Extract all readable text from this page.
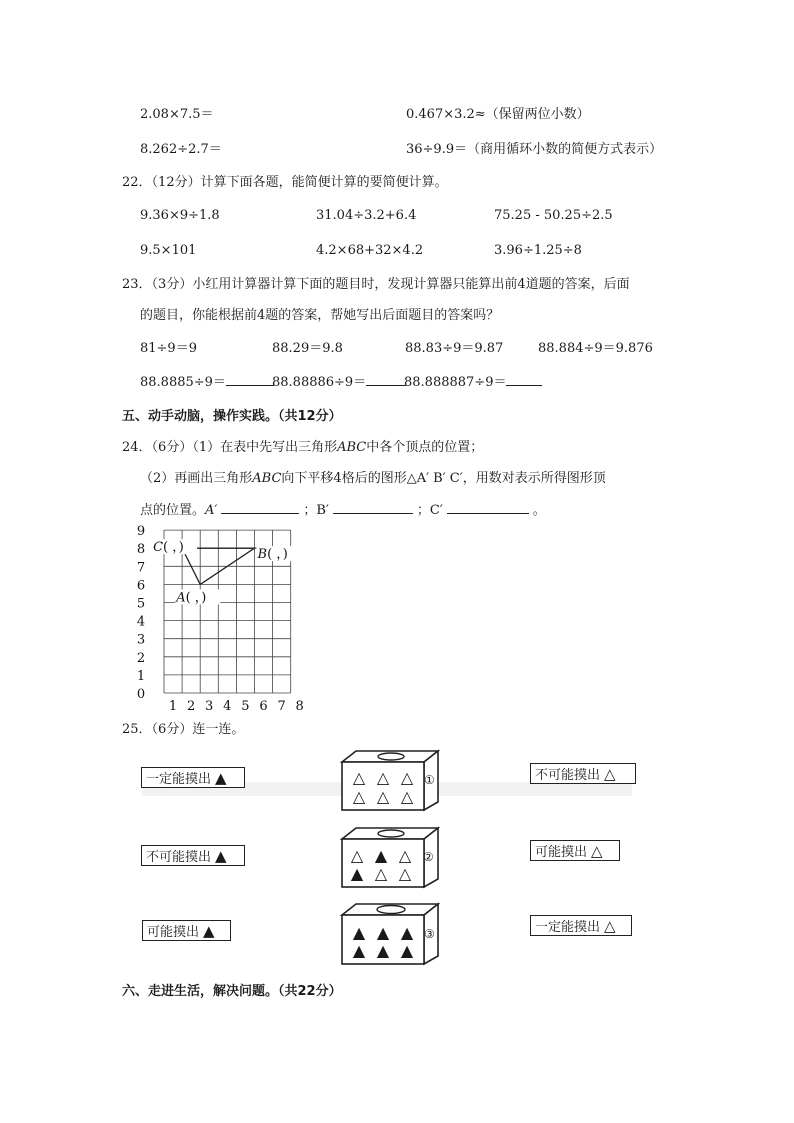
2.08×7.5＝	0.467×3.2≈（保留两位小数）
8.262÷2.7＝	36÷9.9＝（商用循环小数的简便方式表示）
22．（12分）计算下面各题，能简便计算的要简便计算。
9.36×9÷1.8	31.04÷3.2+6.4	75.25 - 50.25÷2.5
9.5×101	4.2×68+32×4.2	3.96÷1.25÷8
23．（3分）小红用计算器计算下面的题目时，发现计算器只能算出前4道题的答案，后面
的题目，你能根据前4题的答案，帮她写出后面题目的答案吗？
81÷9＝9	88.29＝9.8	88.83÷9＝9.87	88.884÷9＝9.876
88.8885÷9＝	88.88886÷9＝	88.888887÷9＝
五、动手动脑，操作实践。（共12分）
24．（6分）（1）在表中先写出三角形ABC中各个顶点的位置；
（2）再画出三角形ABC向下平移4格后的图形△A′ B′ C′，用数对表示所得图形顶
点的位置。A′	；B′	；C′	。
0
1
2
3
4
5
6
7
8
9
1 2 3 4 5 6 7 8
C( ，)	B( ，)
A( ，)
25．（6分）连一连。
一定能摸出 ▲
不可能摸出 ▲
可能摸出 ▲
不可能摸出 △
可能摸出 △
一定能摸出 △
△ △ △
△ △ △
①
△ ▲ △
▲ △ △
②
▲ ▲ ▲
▲ ▲ ▲
③
六、走进生活，解决问题。（共22分）
